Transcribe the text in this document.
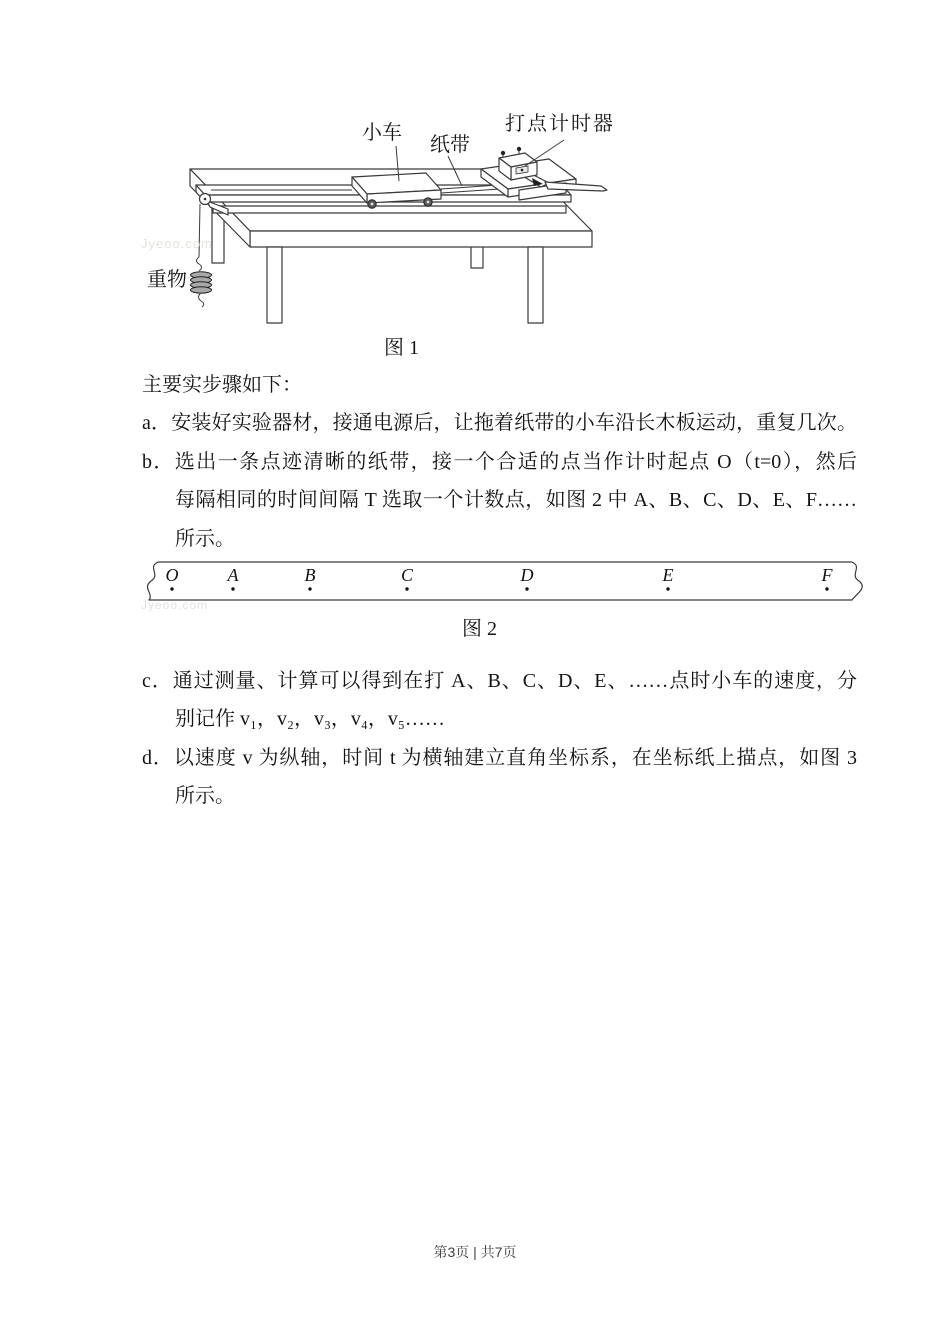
小车
纸带
打点计时器
重物
Jyeoo.com
图 1
主要实步骤如下：
a．安装好实验器材，接通电源后，让拖着纸带的小车沿长木板运动，重复几次。
b．选出一条点迹清晰的纸带，接一个合适的点当作计时起点 O（t=0），然后
每隔相同的时间间隔 T 选取一个计数点，如图 2 中 A、B、C、D、E、F……
所示。
O	A	B	C	D	E	F
Jyeoo.com
图 2
c．通过测量、计算可以得到在打 A、B、C、D、E、……点时小车的速度，分
别记作 v₁，v₂，v₃，v₄，v₅……
d．以速度 v 为纵轴，时间 t 为横轴建立直角坐标系，在坐标纸上描点，如图 3
所示。
第3页 | 共7页
